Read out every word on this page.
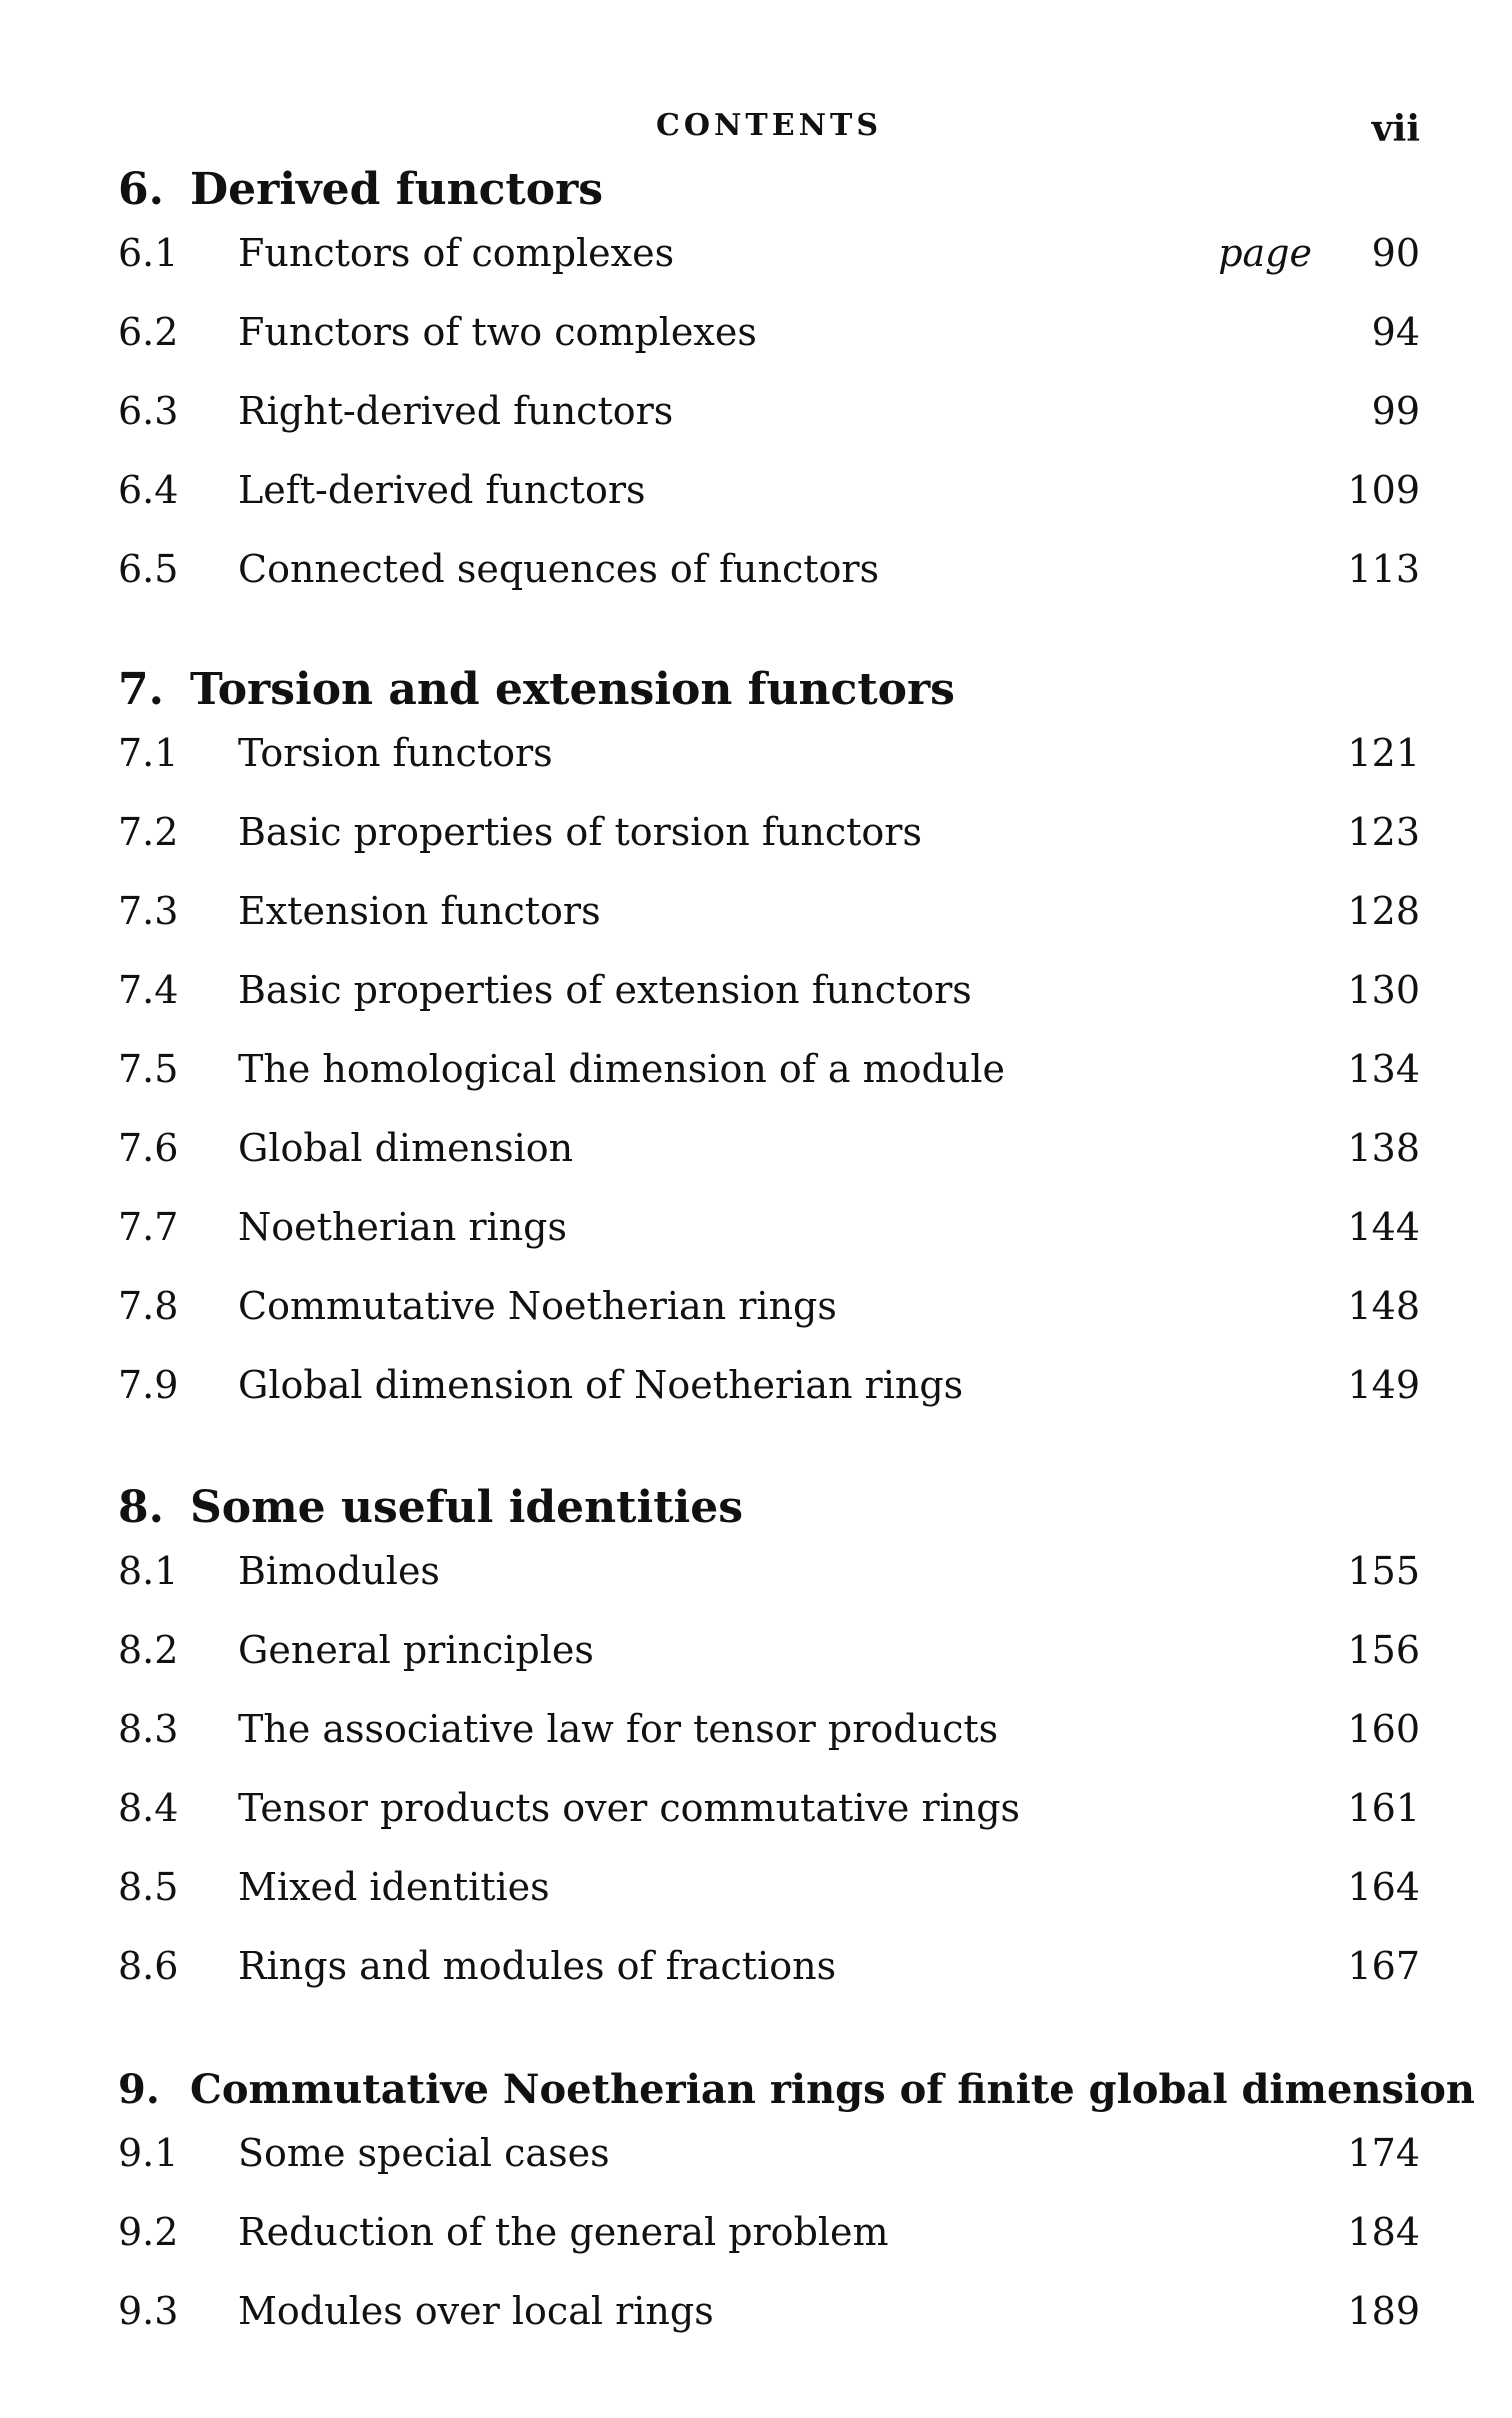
CONTENTS	vii
6. Derived functors
6.1	Functors of complexes	page	90
6.2	Functors of two complexes	94
6.3	Right-derived functors	99
6.4	Left-derived functors	109
6.5	Connected sequences of functors	113
7. Torsion and extension functors
7.1	Torsion functors	121
7.2	Basic properties of torsion functors	123
7.3	Extension functors	128
7.4	Basic properties of extension functors	130
7.5	The homological dimension of a module	134
7.6	Global dimension	138
7.7	Noetherian rings	144
7.8	Commutative Noetherian rings	148
7.9	Global dimension of Noetherian rings	149
8. Some useful identities
8.1	Bimodules	155
8.2	General principles	156
8.3	The associative law for tensor products	160
8.4	Tensor products over commutative rings	161
8.5	Mixed identities	164
8.6	Rings and modules of fractions	167
9. Commutative Noetherian rings of finite global dimension
9.1	Some special cases	174
9.2	Reduction of the general problem	184
9.3	Modules over local rings	189
